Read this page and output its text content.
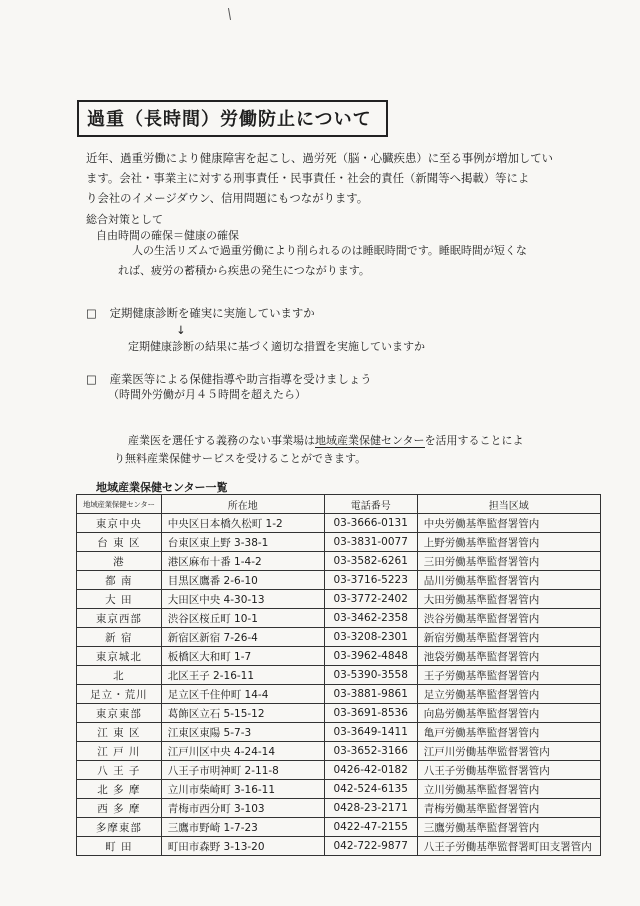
過重（長時間）労働防止について
近年、過重労働により健康障害を起こし、過労死（脳・心臓疾患）に至る事例が増加してい
ます。会社・事業主に対する刑事責任・民事責任・社会的責任（新聞等へ掲載）等によ
り会社のイメージダウン、信用問題にもつながります。
総合対策として
自由時間の確保＝健康の確保
人の生活リズムで過重労働により削られるのは睡眠時間です。睡眠時間が短くな
れば、疲労の蓄積から疾患の発生につながります。
□ 定期健康診断を確実に実施していますか
↓
定期健康診断の結果に基づく適切な措置を実施していますか
□ 産業医等による保健指導や助言指導を受けましょう
（時間外労働が月４５時間を超えたら）
産業医を選任する義務のない事業場は地域産業保健センターを活用することによ
り無料産業保健サービスを受けることができます。
地域産業保健センター一覧
地域産業保健センター	所在地	電話番号	担当区域
東京中央	中央区日本橋久松町 1-2	03-3666-0131	中央労働基準監督署管内
台 東 区	台東区東上野 3-38-1	03-3831-0077	上野労働基準監督署管内
港	港区麻布十番 1-4-2	03-3582-6261	三田労働基準監督署管内
都 南	目黒区鷹番 2-6-10	03-3716-5223	品川労働基準監督署管内
大 田	大田区中央 4-30-13	03-3772-2402	大田労働基準監督署管内
東京西部	渋谷区桜丘町 10-1	03-3462-2358	渋谷労働基準監督署管内
新 宿	新宿区新宿 7-26-4	03-3208-2301	新宿労働基準監督署管内
東京城北	板橋区大和町 1-7	03-3962-4848	池袋労働基準監督署管内
北	北区王子 2-16-11	03-5390-3558	王子労働基準監督署管内
足立・荒川	足立区千住仲町 14-4	03-3881-9861	足立労働基準監督署管内
東京東部	葛飾区立石 5-15-12	03-3691-8536	向島労働基準監督署管内
江 東 区	江東区東陽 5-7-3	03-3649-1411	亀戸労働基準監督署管内
江 戸 川	江戸川区中央 4-24-14	03-3652-3166	江戸川労働基準監督署管内
八 王 子	八王子市明神町 2-11-8	0426-42-0182	八王子労働基準監督署管内
北 多 摩	立川市柴崎町 3-16-11	042-524-6135	立川労働基準監督署管内
西 多 摩	青梅市西分町 3-103	0428-23-2171	青梅労働基準監督署管内
多摩東部	三鷹市野崎 1-7-23	0422-47-2155	三鷹労働基準監督署管内
町 田	町田市森野 3-13-20	042-722-9877	八王子労働基準監督署町田支署管内
